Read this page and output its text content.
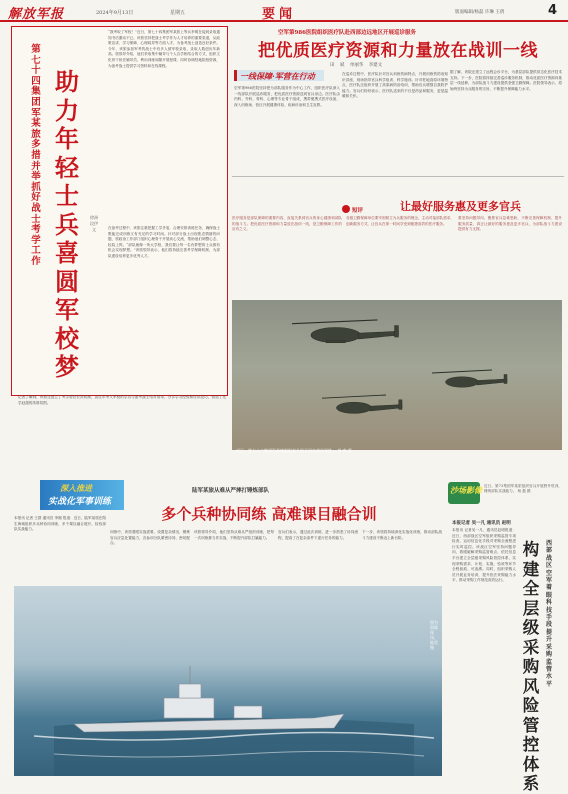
解放军报	2024年9月13日	星期五	要闻	版面编辑/杨磊 许琳 王倩	4
第七十四集团军某旅多措并举抓好战士考学工作
助力年轻士兵喜圆军校梦
徐洲 段伊文
“我考取了军校！”近日，第七十四集团军某旅上等兵李明在接到录取通知书后激动不已。该旅坚持把战士考学作为人才培养的重要渠道，从政策宣讲、学习保障、心理疏导等方面入手，为备考战士创造良好条件。今年，该旅参加军考的战士中有多人被军校录取，录取人数创历年新高。旅领导介绍，他们采取集中辅导与个人自学相结合的方式，组织文化骨干担任辅导员，利用训练间隙开展授课，同时协调驻地院校资源，为备考战士提供学习资料和在线课程。
在备考过程中，该旅注重把握工学矛盾，合理安排训练任务，确保战士既能完成训练又有充足的学习时间。针对部分战士出现焦虑情绪的问题，旅政治工作部门组织心理骨干开展谈心交流，帮助他们调整心态、轻装上阵。“部队就像一所大学校，我们要让每一名有梦想的士兵都有机会实现梦想。”该旅领导表示，他们将持续完善考学保障机制，为部队建设培养更多优秀人才。
记者了解到，该旅还建立了考学帮扶长效机制，由往年考入军校的学员与备考战士结对帮带，分享学习经验和应试技巧，营造了比学赶超的浓厚氛围。
空军第986医院组织医疗队赴西部边远地区开展巡诊服务
把优质医疗资源和力量放在战训一线
田 斌 单丽华 李建文
一线保障·军营在行动
空军第986医院坚持把为部队服务作为中心工作，组织医疗队深入一线部队开展巡诊服务，把优质医疗资源送到官兵身边。医疗队由内科、外科、骨科、心理等专业骨干组成，携带便携式医疗设备，深入训练场、营区开展健康体检、疾病诊治和卫生宣教。
在巡诊过程中，医疗队针对官兵训练伤病特点，开展训练伤防治知识讲座，现场指导官兵科学组训、科学施训。针对驻地高原环境特点，医疗队还组织开展了高原病防治培训，帮助官兵增强自我防护能力。官兵们纷纷表示，医疗队送来的不仅是药品和服务，更是温暖和关怀。
据了解，该院还建立了远程会诊平台，为基层部队提供常态化医疗技术支持。下一步，医院将持续完善巡诊服务机制，推动优质医疗资源向基层一线延伸，为部队战斗力建设提供坚强卫勤保障。医院领导表示，将始终坚持为兵服务的宗旨，不断提升保障能力水平。
短评	让最好服务惠及更多官兵
医疗服务是部队保障的重要内容，直接关系到官兵的身心健康和部队的战斗力。把优质医疗资源和力量放在战训一线，是卫勤保障工作的应有之义。
各级卫勤保障单位要牢固树立为兵服务的理念，主动对接部队需求，创新服务方式，让官兵在第一时间享受到便捷高效的医疗服务。
要坚持问题导向，聚焦官兵急难愁盼，不断完善保障机制，提升服务质量，真正让最好的服务惠及更多官兵，为部队战斗力建设提供有力支撑。
近日，第七十六集团军某旅组织直升机开展实战化训练。 刘 欢 摄
深入推进
实战化军事训练
陆军某旅从难从严摔打锤炼部队
多个兵种协同练 高难课目融合训
本报讯 记者 王群 通讯员 李刚 报道：近日，陆军某旅在陌生海域组织多兵种协同训练，多个课目融合展开，检验部队实战能力。
训练中，该旅着眼实战需要，设置复杂情况，锤炼官兵应急处置能力，各参训分队紧密协同、密切配合。
该旅领导介绍，他们坚持从难从严组织训练，把每一次训练都当作实战，不断提升部队打赢能力。
官兵们表示，通过此次训练，进一步熟悉了协同流程，提高了在复杂条件下遂行任务的能力。
下一步，该旅将持续深化实战化训练，推动部队战斗力建设不断迈上新台阶。
图为训练现场。 陈雷 摄
沙场影像 近日，第73集团军某旅组织官兵开展野外驻训，锤炼部队实战能力。 杨 磊 摄
本报记者 吴一凡 通讯员 赵明
西部战区空军着眼科技手段提升采购监管水平
构建全层级采购风险管控体系
本报讯 记者吴一凡、通讯员赵明报道：近日，西部战区空军组织采购监管专项检查，运用信息化手段对采购全流程进行实时监控。该战区空军坚持问题导向，着眼破解采购监管难点，依托信息平台建立全层级采购风险管控体系，实现采购需求、计划、实施、验收等环节全程留痕、可追溯。同时，组织采购人员开展业务培训，提升依法采购能力水平，推动采购工作规范高效运行。
